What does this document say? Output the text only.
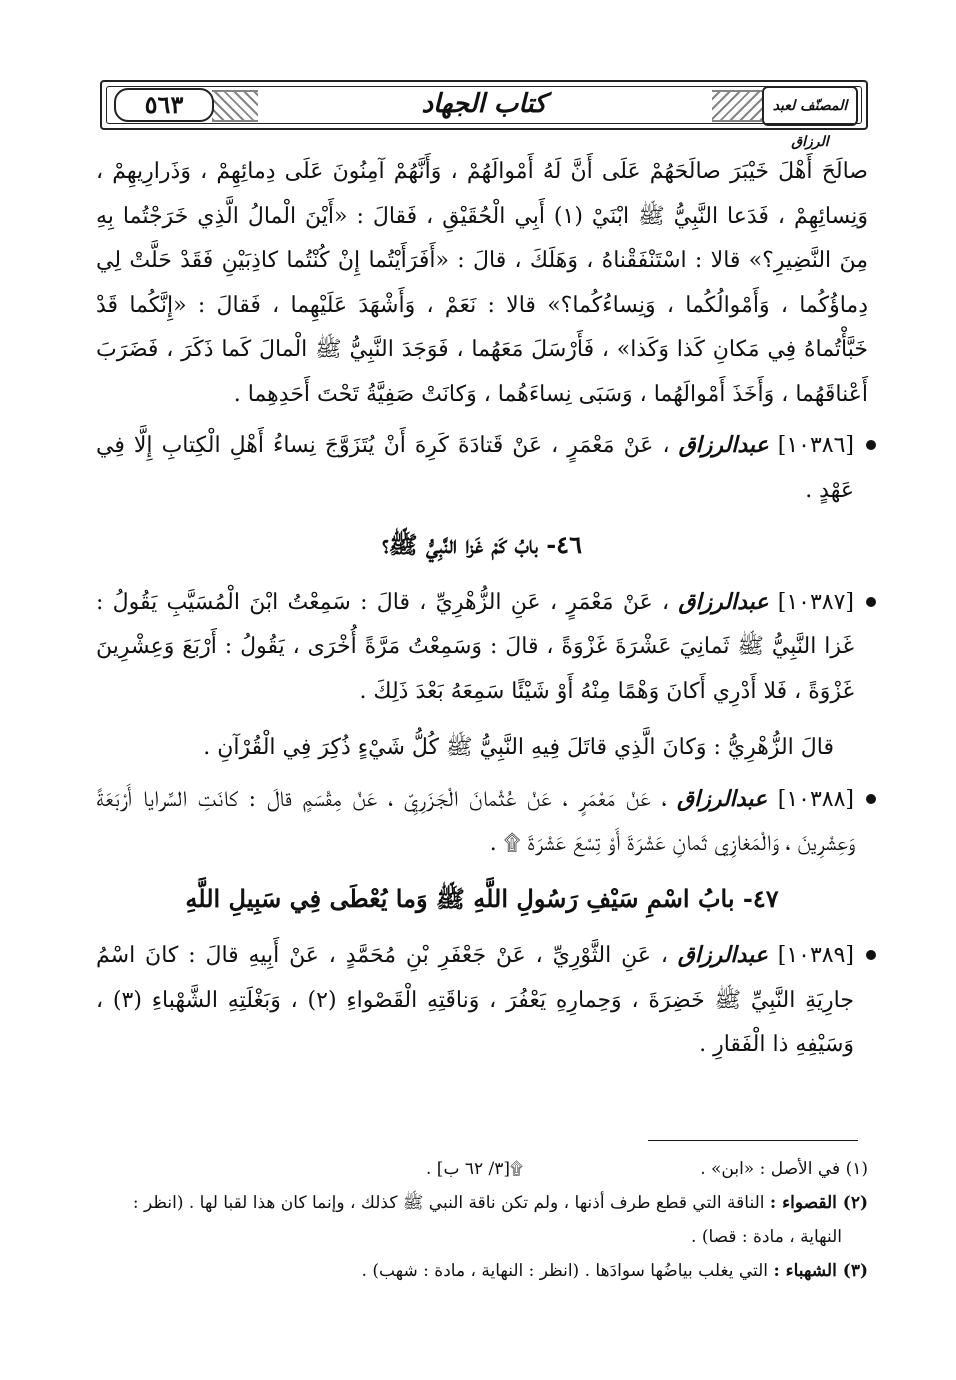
المصنّف لعبد الرزاق
كتاب الجهاد
٥٦٣

صالَحَ أَهْلَ خَيْبَرَ صالَحَهُمْ عَلَى أَنَّ لَهُ أَمْوالَهُمْ ، وَأَنَّهُمْ آمِنُونَ عَلَى دِمائِهِمْ ، وَذَرارِيهِمْ ، وَنِسائِهِمْ ، فَدَعا النَّبِيُّ ﷺ ابْنَيْ (١) أَبِي الْحُقَيْقِ ، فَقالَ : «أَيْنَ الْمالُ الَّذِي خَرَجْتُما بِهِ مِنَ النَّضِيرِ؟» قالا : اسْتَنْفَقْناهُ ، وَهَلَكَ ، قالَ : «أَفَرَأَيْتُما إِنْ كُنْتُما كاذِبَيْنِ فَقَدْ حَلَّتْ لِي دِماؤُكُما ، وَأَمْوالُكُما ، وَنِساءُكُما؟» قالا : نَعَمْ ، وَأَشْهَدَ عَلَيْهِما ، فَقالَ : «إِنَّكُما قَدْ خَبَّأْتُماهُ فِي مَكانِ كَذا وَكَذا» ، فَأَرْسَلَ مَعَهُما ، فَوَجَدَ النَّبِيُّ ﷺ الْمالَ كَما ذَكَرَ ، فَضَرَبَ أَعْناقَهُما ، وَأَخَذَ أَمْوالَهُما ، وَسَبَى نِساءَهُما ، وَكانَتْ صَفِيَّةُ تَحْتَ أَحَدِهِما .

[١٠٣٨٦] عبدالرزاق ، عَنْ مَعْمَرٍ ، عَنْ قَتادَةَ كَرِهَ أَنْ يُتَزَوَّجَ نِساءُ أَهْلِ الْكِتابِ إِلَّا فِي عَهْدٍ .

٤٦- بابُ كَمْ غَزا النَّبِيُّ ﷺ؟

[١٠٣٨٧] عبدالرزاق ، عَنْ مَعْمَرٍ ، عَنِ الزُّهْرِيِّ ، قالَ : سَمِعْتُ ابْنَ الْمُسَيَّبِ يَقُولُ : غَزا النَّبِيُّ ﷺ ثَمانِيَ عَشْرَةَ غَزْوَةً ، قالَ : وَسَمِعْتُ مَرَّةً أُخْرَى ، يَقُولُ : أَرْبَعَ وَعِشْرِينَ غَزْوَةً ، فَلا أَدْرِي أَكانَ وَهْمًا مِنْهُ أَوْ شَيْئًا سَمِعَهُ بَعْدَ ذَلِكَ .

قالَ الزُّهْرِيُّ : وَكانَ الَّذِي قاتَلَ فِيهِ النَّبِيُّ ﷺ كُلُّ شَيْءٍ ذُكِرَ فِي الْقُرْآنِ .

[١٠٣٨٨] عبدالرزاق ، عَنْ مَعْمَرٍ ، عَنْ عُثْمانَ الْجَزَرِيِّ ، عَنْ مِقْسَمٍ قالَ : كانَتِ السَّرايا أَرْبَعَةً وَعِشْرِينَ ، وَالْمَغازِي ثَمانِ عَشْرَةَ أَوْ تِسْعَ عَشْرَةَ ۩ .

٤٧- بابُ اسْمِ سَيْفِ رَسُولِ اللَّهِ ﷺ وَما يُعْطَى فِي سَبِيلِ اللَّهِ

[١٠٣٨٩] عبدالرزاق ، عَنِ الثَّوْرِيِّ ، عَنْ جَعْفَرِ بْنِ مُحَمَّدٍ ، عَنْ أَبِيهِ قالَ : كانَ اسْمُ جارِيَةِ النَّبِيِّ ﷺ خَضِرَةَ ، وَحِمارِهِ يَعْفُرَ ، وَناقَتِهِ الْقَصْواءِ (٢) ، وَبَغْلَتِهِ الشَّهْباءِ (٣) ، وَسَيْفِهِ ذا الْفَقارِ .

(١) في الأصل : «ابن» .
۩[٣/ ٦٢ ب] .

(٢) القصواء : الناقة التي قطع طرف أذنها ، ولم تكن ناقة النبي ﷺ كذلك ، وإنما كان هذا لقبا لها . (انظر :

النهاية ، مادة : قصا) .

(٣) الشهباء : التي يغلب بياضُها سوادَها . (انظر : النهاية ، مادة : شهب) .
